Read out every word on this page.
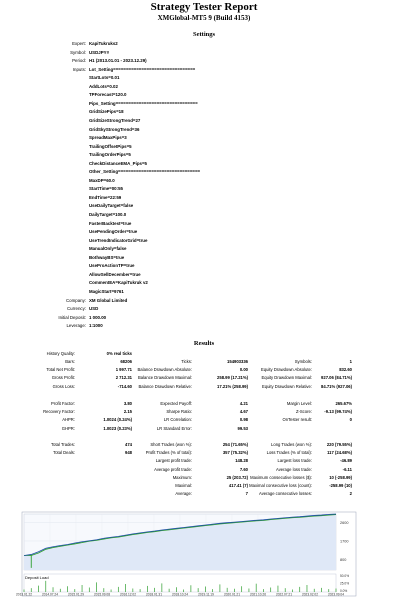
Strategy Tester Report
XMGlobal-MT5 9 (Build 4153)
Settings
Expert: KapiTukruks2
Symbol: USDJPY#
Period: H1 (2013.01.01 - 2023.12.29)
Inputs: Lot_Setting================================
StartLots=0.01
AddLots=0.02
TPForecast=120.0
Pips_Setting================================
GridSizePips=18
GridSizeStrongTrend=27
GridSkyStrongTrend=36
SpreadMaxPips=3
TrailingOffsetPips=5
TrailingOrderPips=5
CheckDistanceEMA_Pips=5
Other_Setting================================
MaxDP=60.0
StartTime=00:55
EndTime=22:59
UseDailyTarget=false
DailyTarget=100.0
FasterBacktest=true
UsePendingOrder=true
UseTrendIndicatorGrid=true
ManualOnly=false
BothwayBS=true
UseProActionTP=true
AllowSellDecember=true
CommentEA=KapiTukruk v2
MagicStart=9761
Company: XM Global Limited
Currency: USD
Initial Deposit: 1 000.00
Leverage: 1:1000
Results
History Quality:	0% real ticks
Bars:	68206	Ticks:	154903336	Symbols:	1
Total Net Profit:	1 997.71 Balance Drawdown Absolute:	0.00	Equity Drawdown Absolute:	832.60
Gross Profit:	2 712.31 Balance Drawdown Maximal:	258.99 (17.21%)	Equity Drawdown Maximal:	927.06 (84.71%)
Gross Loss:	-714.60 Balance Drawdown Relative:	17.21% (258.99)	Equity Drawdown Relative:	84.71% (927.06)
Profit Factor:	3.80	Expected Payoff:	4.21	Margin Level:	265.67%
Recovery Factor:	2.15	Sharpe Ratio:	4.67	Z-Score:	-9.13 (99.74%)
AHPR:	1.0024 (0.24%)	LR Correlation:	0.98	OnTester result:	0
GHPR:	1.0023 (0.23%)	LR Standard Error:	99.53
Total Trades:	474	Short Trades (won %):	254 (71.65%)	Long Trades (won %):	220 (79.55%)
Total Deals:	948	Profit Trades (% of total):	357 (75.32%)	Loss Trades (% of total):	117 (24.68%)
Largest profit trade:	148.28	Largest loss trade:	-46.89
Average profit trade:	7.60	Average loss trade:	-6.11
Maximum:	25 (203.72) Maximum consecutive losses ($):	10 (-258.99)
Maximal:	417.41 (7) Maximal consecutive loss (count):	-258.99 (10)
Average:	7	Average consecutive losses:	2
2600
1700
800
2013.01.22	2014.07.24	2015.01.29	2015.09.08	2016.12.02	2018.01.31	2018.10.24	2019.11.19	2020.01.21	2021.10.26	2022.07.21	2023.02.02	2023.09.04
50.0%
25.0%
0.0%
Deposit Load
